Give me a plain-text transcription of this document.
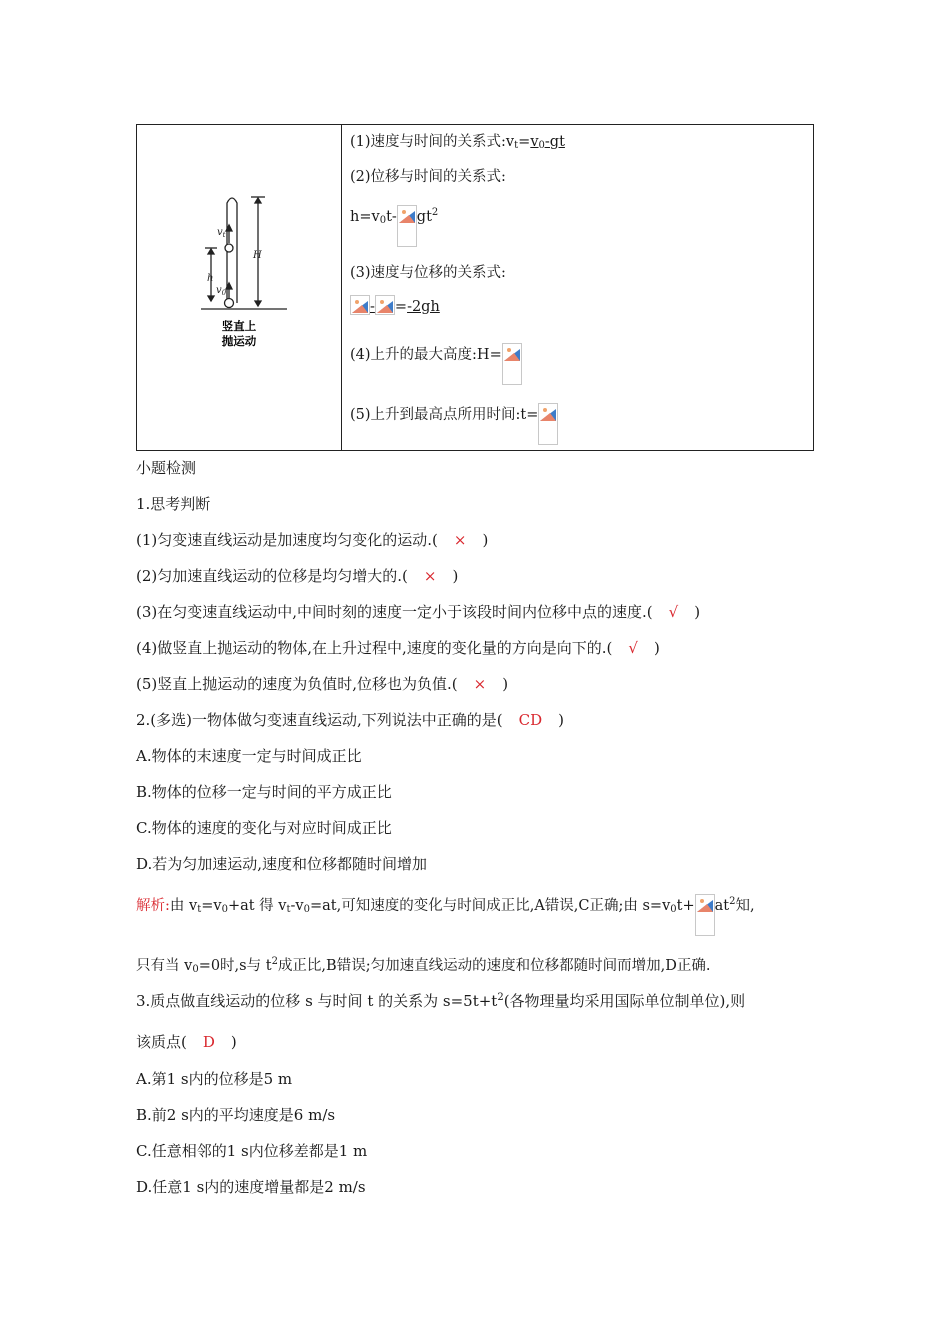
$v_t$
h
$v_0$
H
竖直上
抛运动
(1)速度与时间的关系式$:v_t=v_0-gt$
(2)位移与时间的关系式:
$h=v_0t-$ $gt^2$
(3)速度与位移的关系式:
- =-2gh
(4)上升的最大高度:H=
(5)上升到最高点所用时间:t=
小题检测
1.思考判断
(1)匀变速直线运动是加速度均匀变化的运动.( × )
(2)匀加速直线运动的位移是均匀增大的.( × )
(3)在匀变速直线运动中,中间时刻的速度一定小于该段时间内位移中点的速度.( √ )
(4)做竖直上抛运动的物体,在上升过程中,速度的变化量的方向是向下的.( √ )
(5)竖直上抛运动的速度为负值时,位移也为负值.( × )
2.(多选)一物体做匀变速直线运动,下列说法中正确的是( CD )
A.物体的末速度一定与时间成正比
B.物体的位移一定与时间的平方成正比
C.物体的速度的变化与对应时间成正比
D.若为匀加速运动,速度和位移都随时间增加
解析:由 $v_t=v_0+at$ 得 $v_t-v_0=at$,可知速度的变化与时间成正比,A错误,C正确;由 $s=v_0t+ at^2$知,
只有当 $v_0=0$时,s与 $t^2$成正比,B错误;匀加速直线运动的速度和位移都随时间而增加,D正确.
3.质点做直线运动的位移 s 与时间 t 的关系为 $s=5t+t^2$(各物理量均采用国际单位制单位),则
该质点( D )
A.第1 s内的位移是5 m
B.前2 s内的平均速度是6 m/s
C.任意相邻的1 s内位移差都是1 m
D.任意1 s内的速度增量都是2 m/s
